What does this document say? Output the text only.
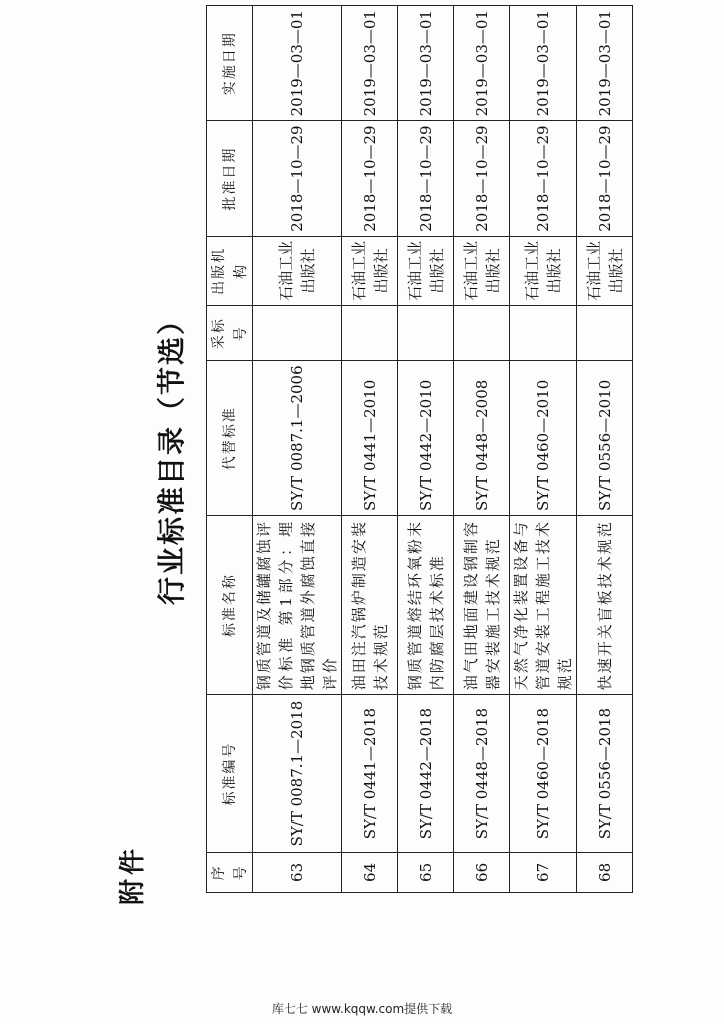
附件
行业标准目录（节选）
序号	标准编号	标准名称	代替标准	采标号	出版机构	批准日期	实施日期
63	SY/T 0087.1—2018	钢质管道及储罐腐蚀评价标准 第1部分：埋地钢质管道外腐蚀直接评价	SY/T 0087.1—2006		石油工业出版社	2018—10—29	2019—03—01
64	SY/T 0441—2018	油田注汽锅炉制造安装技术规范	SY/T 0441—2010		石油工业出版社	2018—10—29	2019—03—01
65	SY/T 0442—2018	钢质管道熔结环氧粉末内防腐层技术标准	SY/T 0442—2010		石油工业出版社	2018—10—29	2019—03—01
66	SY/T 0448—2018	油气田地面建设钢制容器安装施工技术规范	SY/T 0448—2008		石油工业出版社	2018—10—29	2019—03—01
67	SY/T 0460—2018	天然气净化装置设备与管道安装工程施工技术规范	SY/T 0460—2010		石油工业出版社	2018—10—29	2019—03—01
68	SY/T 0556—2018	快速开关盲板技术规范	SY/T 0556—2010		石油工业出版社	2018—10—29	2019—03—01
库七七 www.kqqw.com提供下载
